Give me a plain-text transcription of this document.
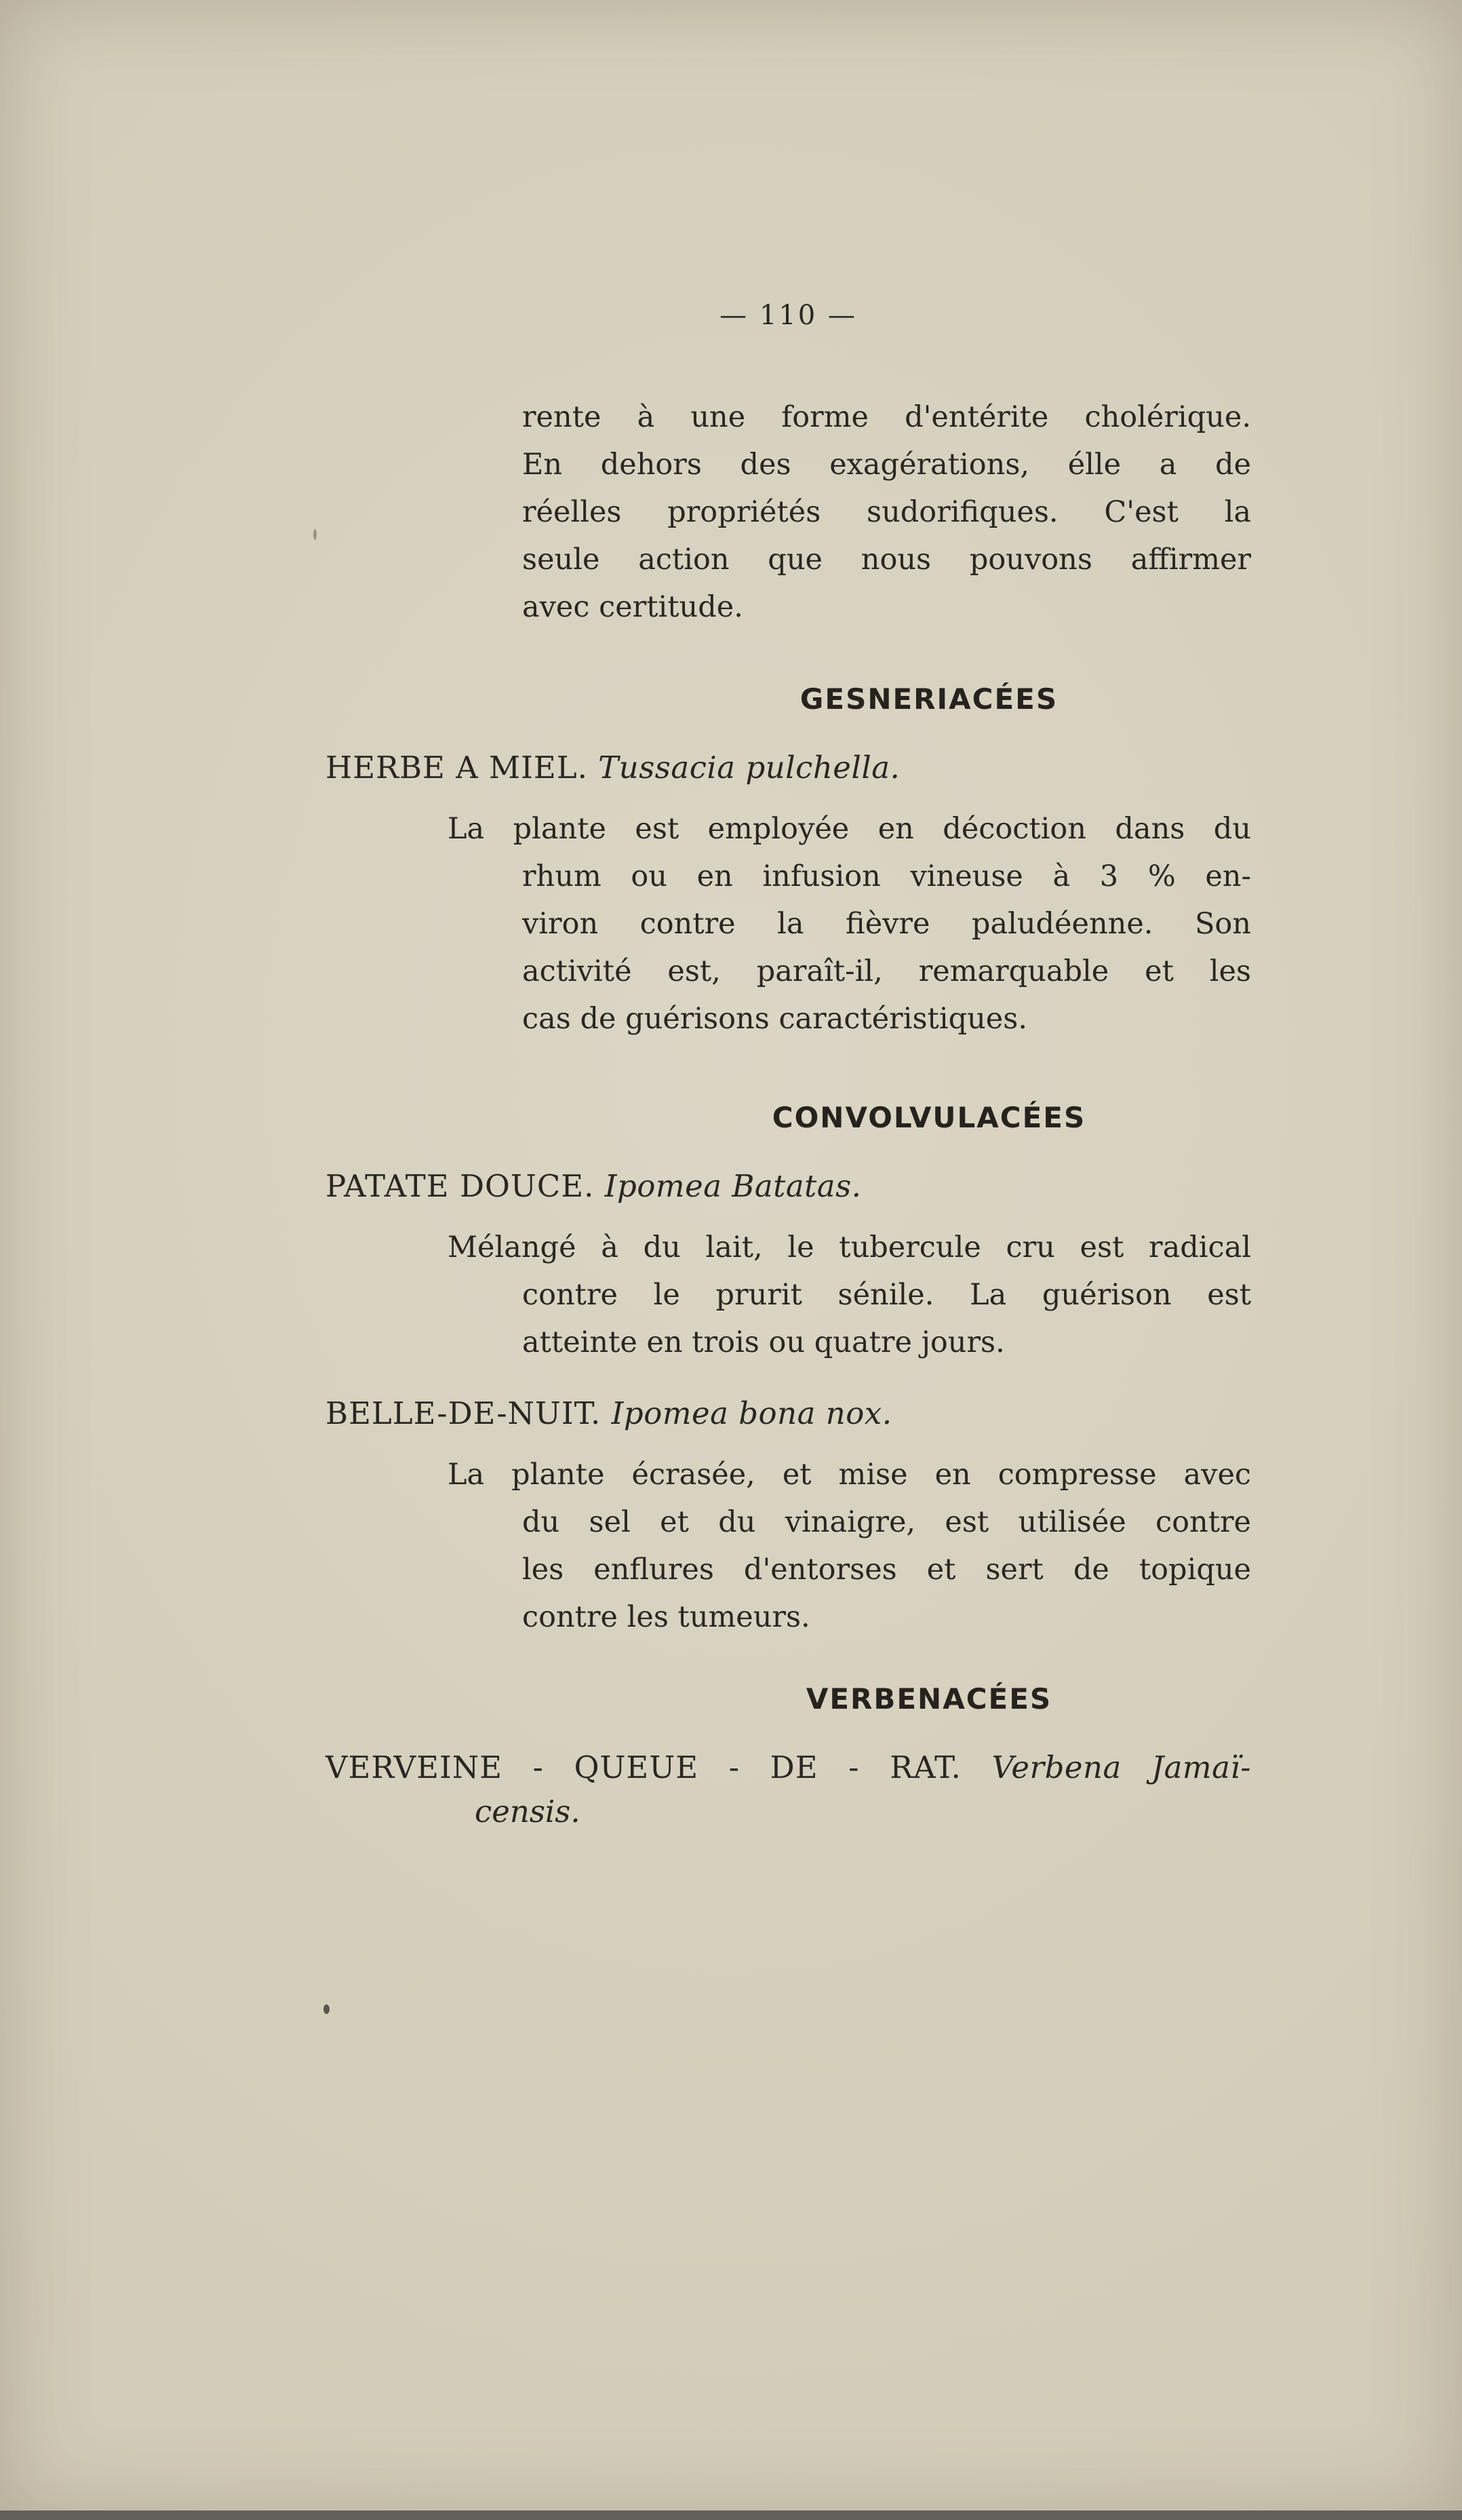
— 110 —
rente à une forme d'entérite cholérique.
En dehors des exagérations, élle a de
réelles propriétés sudorifiques. C'est la
seule action que nous pouvons affirmer
avec certitude.
GESNERIACÉES
HERBE A MIEL. Tussacia pulchella.
La plante est employée en décoction dans du
rhum ou en infusion vineuse à 3 % en-
viron contre la fièvre paludéenne. Son
activité est, paraît-il, remarquable et les
cas de guérisons caractéristiques.
CONVOLVULACÉES
PATATE DOUCE. Ipomea Batatas.
Mélangé à du lait, le tubercule cru est radical
contre le prurit sénile. La guérison est
atteinte en trois ou quatre jours.
BELLE-DE-NUIT. Ipomea bona nox.
La plante écrasée, et mise en compresse avec
du sel et du vinaigre, est utilisée contre
les enflures d'entorses et sert de topique
contre les tumeurs.
VERBENACÉES
VERVEINE - QUEUE - DE - RAT. Verbena Jamaï-
censis.
